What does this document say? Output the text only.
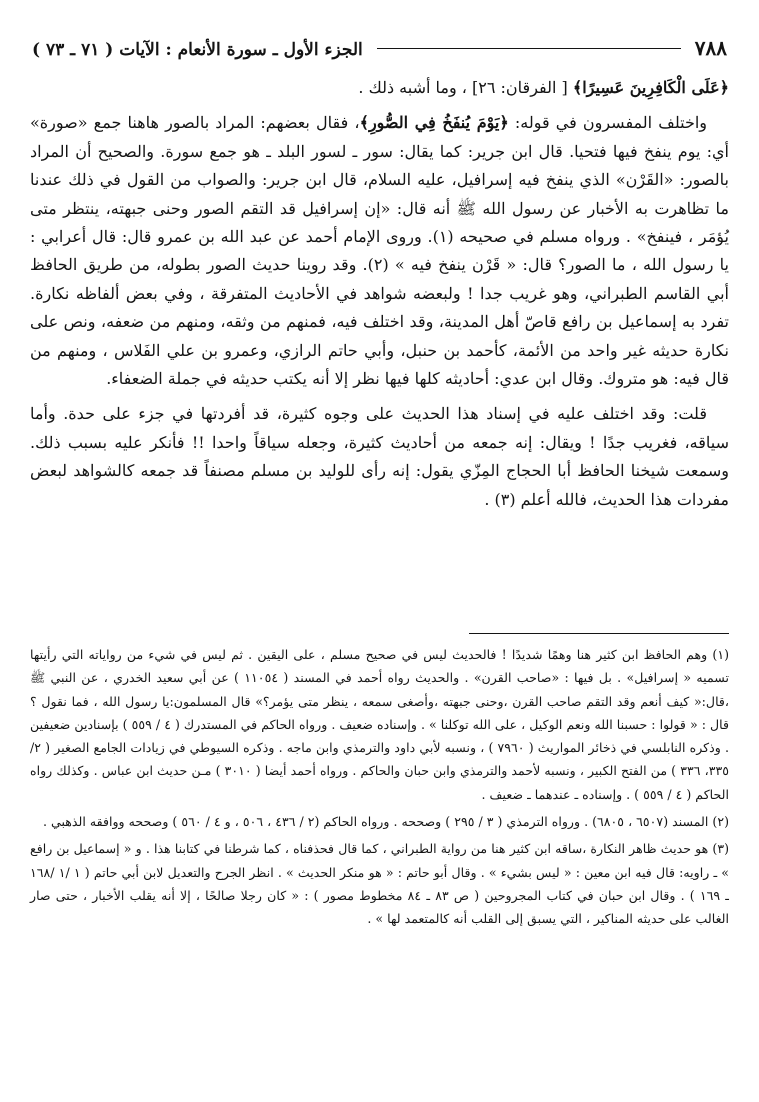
٧٨٨
الجزء الأول ـ سورة الأنعام : الآيات ( ٧١ ـ ٧٣ )

﴿عَلَى الْكَافِرِينَ عَسِيرًا﴾ [ الفرقان: ٢٦] ، وما أشبه ذلك .

واختلف المفسرون في قوله: ﴿يَوْمَ يُنفَخُ فِي الصُّورِ﴾، فقال بعضهم: المراد بالصور هاهنا جمع «صورة» أي: يوم ينفخ فيها فتحيا. قال ابن جرير: كما يقال: سور ـ لسور البلد ـ هو جمع سورة. والصحيح أن المراد بالصور: «القَرْن» الذي ينفخ فيه إسرافيل، عليه السلام، قال ابن جرير: والصواب من القول في ذلك عندنا ما تظاهرت به الأخبار عن رسول الله ﷺ أنه قال: «إن إسرافيل قد التقم الصور وحنى جبهته، ينتظر متى يُؤمَر ، فينفخ» . ورواه مسلم في صحيحه (١). وروى الإمام أحمد عن عبد الله بن عمرو قال: قال أعرابي : يا رسول الله ، ما الصور؟ قال: « قَرْن ينفخ فيه » (٢). وقد روينا حديث الصور بطوله، من طريق الحافظ أبي القاسم الطبراني، وهو غريب جدا ! ولبعضه شواهد في الأحاديث المتفرقة ، وفي بعض ألفاظه نكارة. تفرد به إسماعيل بن رافع قاصّ أهل المدينة، وقد اختلف فيه، فمنهم من وثقه، ومنهم من ضعفه، ونص على نكارة حديثه غير واحد من الأئمة، كأحمد بن حنبل، وأبي حاتم الرازي، وعمرو بن علي الفَلاس ، ومنهم من قال فيه: هو متروك. وقال ابن عدي: أحاديثه كلها فيها نظر إلا أنه يكتب حديثه في جملة الضعفاء.

قلت: وقد اختلف عليه في إسناد هذا الحديث على وجوه كثيرة، قد أفردتها في جزء على حدة. وأما سياقه، فغريب جدًا ! ويقال: إنه جمعه من أحاديث كثيرة، وجعله سياقاً واحدا !! فأنكر عليه بسبب ذلك. وسمعت شيخنا الحافظ أبا الحجاج المِزّي يقول: إنه رأى للوليد بن مسلم مصنفاً قد جمعه كالشواهد لبعض مفردات هذا الحديث، فالله أعلم (٣) .

(١) وهم الحافظ ابن كثير هنا وهمًا شديدًا ! فالحديث ليس في صحيح مسلم ، على اليقين . ثم ليس في شيء من رواياته التي رأيتها تسميه « إسرافيل» . بل فيها : «صاحب القرن» . والحديث رواه أحمد في المسند ( ١١٠٥٤ ) عن أبي سعيد الخدري ، عن النبي ﷺ ،قال:« كيف أنعم وقد التقم صاحب القرن ،وحنى جبهته ،وأصغى سمعه ، ينظر متى يؤمر؟» قال المسلمون:يا رسول الله ، فما نقول ؟ قال : « قولوا : حسبنا الله ونعم الوكيل ، على الله توكلنا » . وإسناده ضعيف . ورواه الحاكم في المستدرك ( ٤ / ٥٥٩ ) بإسنادين ضعيفين . وذكره النابلسي في ذخائر المواريث ( ٧٩٦٠ ) ، ونسبه لأبي داود والترمذي وابن ماجه . وذكره السيوطي في زيادات الجامع الصغير ( ٢/ ٣٣٥، ٣٣٦ ) من الفتح الكبير ، ونسبه لأحمد والترمذي وابن حبان والحاكم . ورواه أحمد أيضا ( ٣٠١٠ ) مـن حديث ابن عباس . وكذلك رواه الحاكم ( ٤ / ٥٥٩ ) . وإسناده ـ عندهما ـ ضعيف .

(٢) المسند (٦٥٠٧ ، ٦٨٠٥) . ورواه الترمذي ( ٣ / ٢٩٥ ) وصححه . ورواه الحاكم (٢ / ٤٣٦ ، ٥٠٦ ، و ٤ / ٥٦٠ ) وصححه ووافقه الذهبي .

(٣) هو حديث ظاهر النكارة ،ساقه ابن كثير هنا من رواية الطبراني ، كما قال فحذفناه ، كما شرطنا في كتابنا هذا . و « إسماعيل بن رافع » ـ راويه: قال فيه ابن معين : « ليس بشيء » . وقال أبو حاتم : « هو منكر الحديث » . انظر الجرح والتعديل لابن أبي حاتم ( ١ /١ /١٦٨ ـ ١٦٩ ) . وقال ابن حبان في كتاب المجروحين ( ص ٨٣ ـ ٨٤ مخطوط مصور ) : « كان رجلا صالحًا ، إلا أنه يقلب الأخبار ، حتى صار الغالب على حديثه المناكير ، التي يسبق إلى القلب أنه كالمتعمد لها » .
